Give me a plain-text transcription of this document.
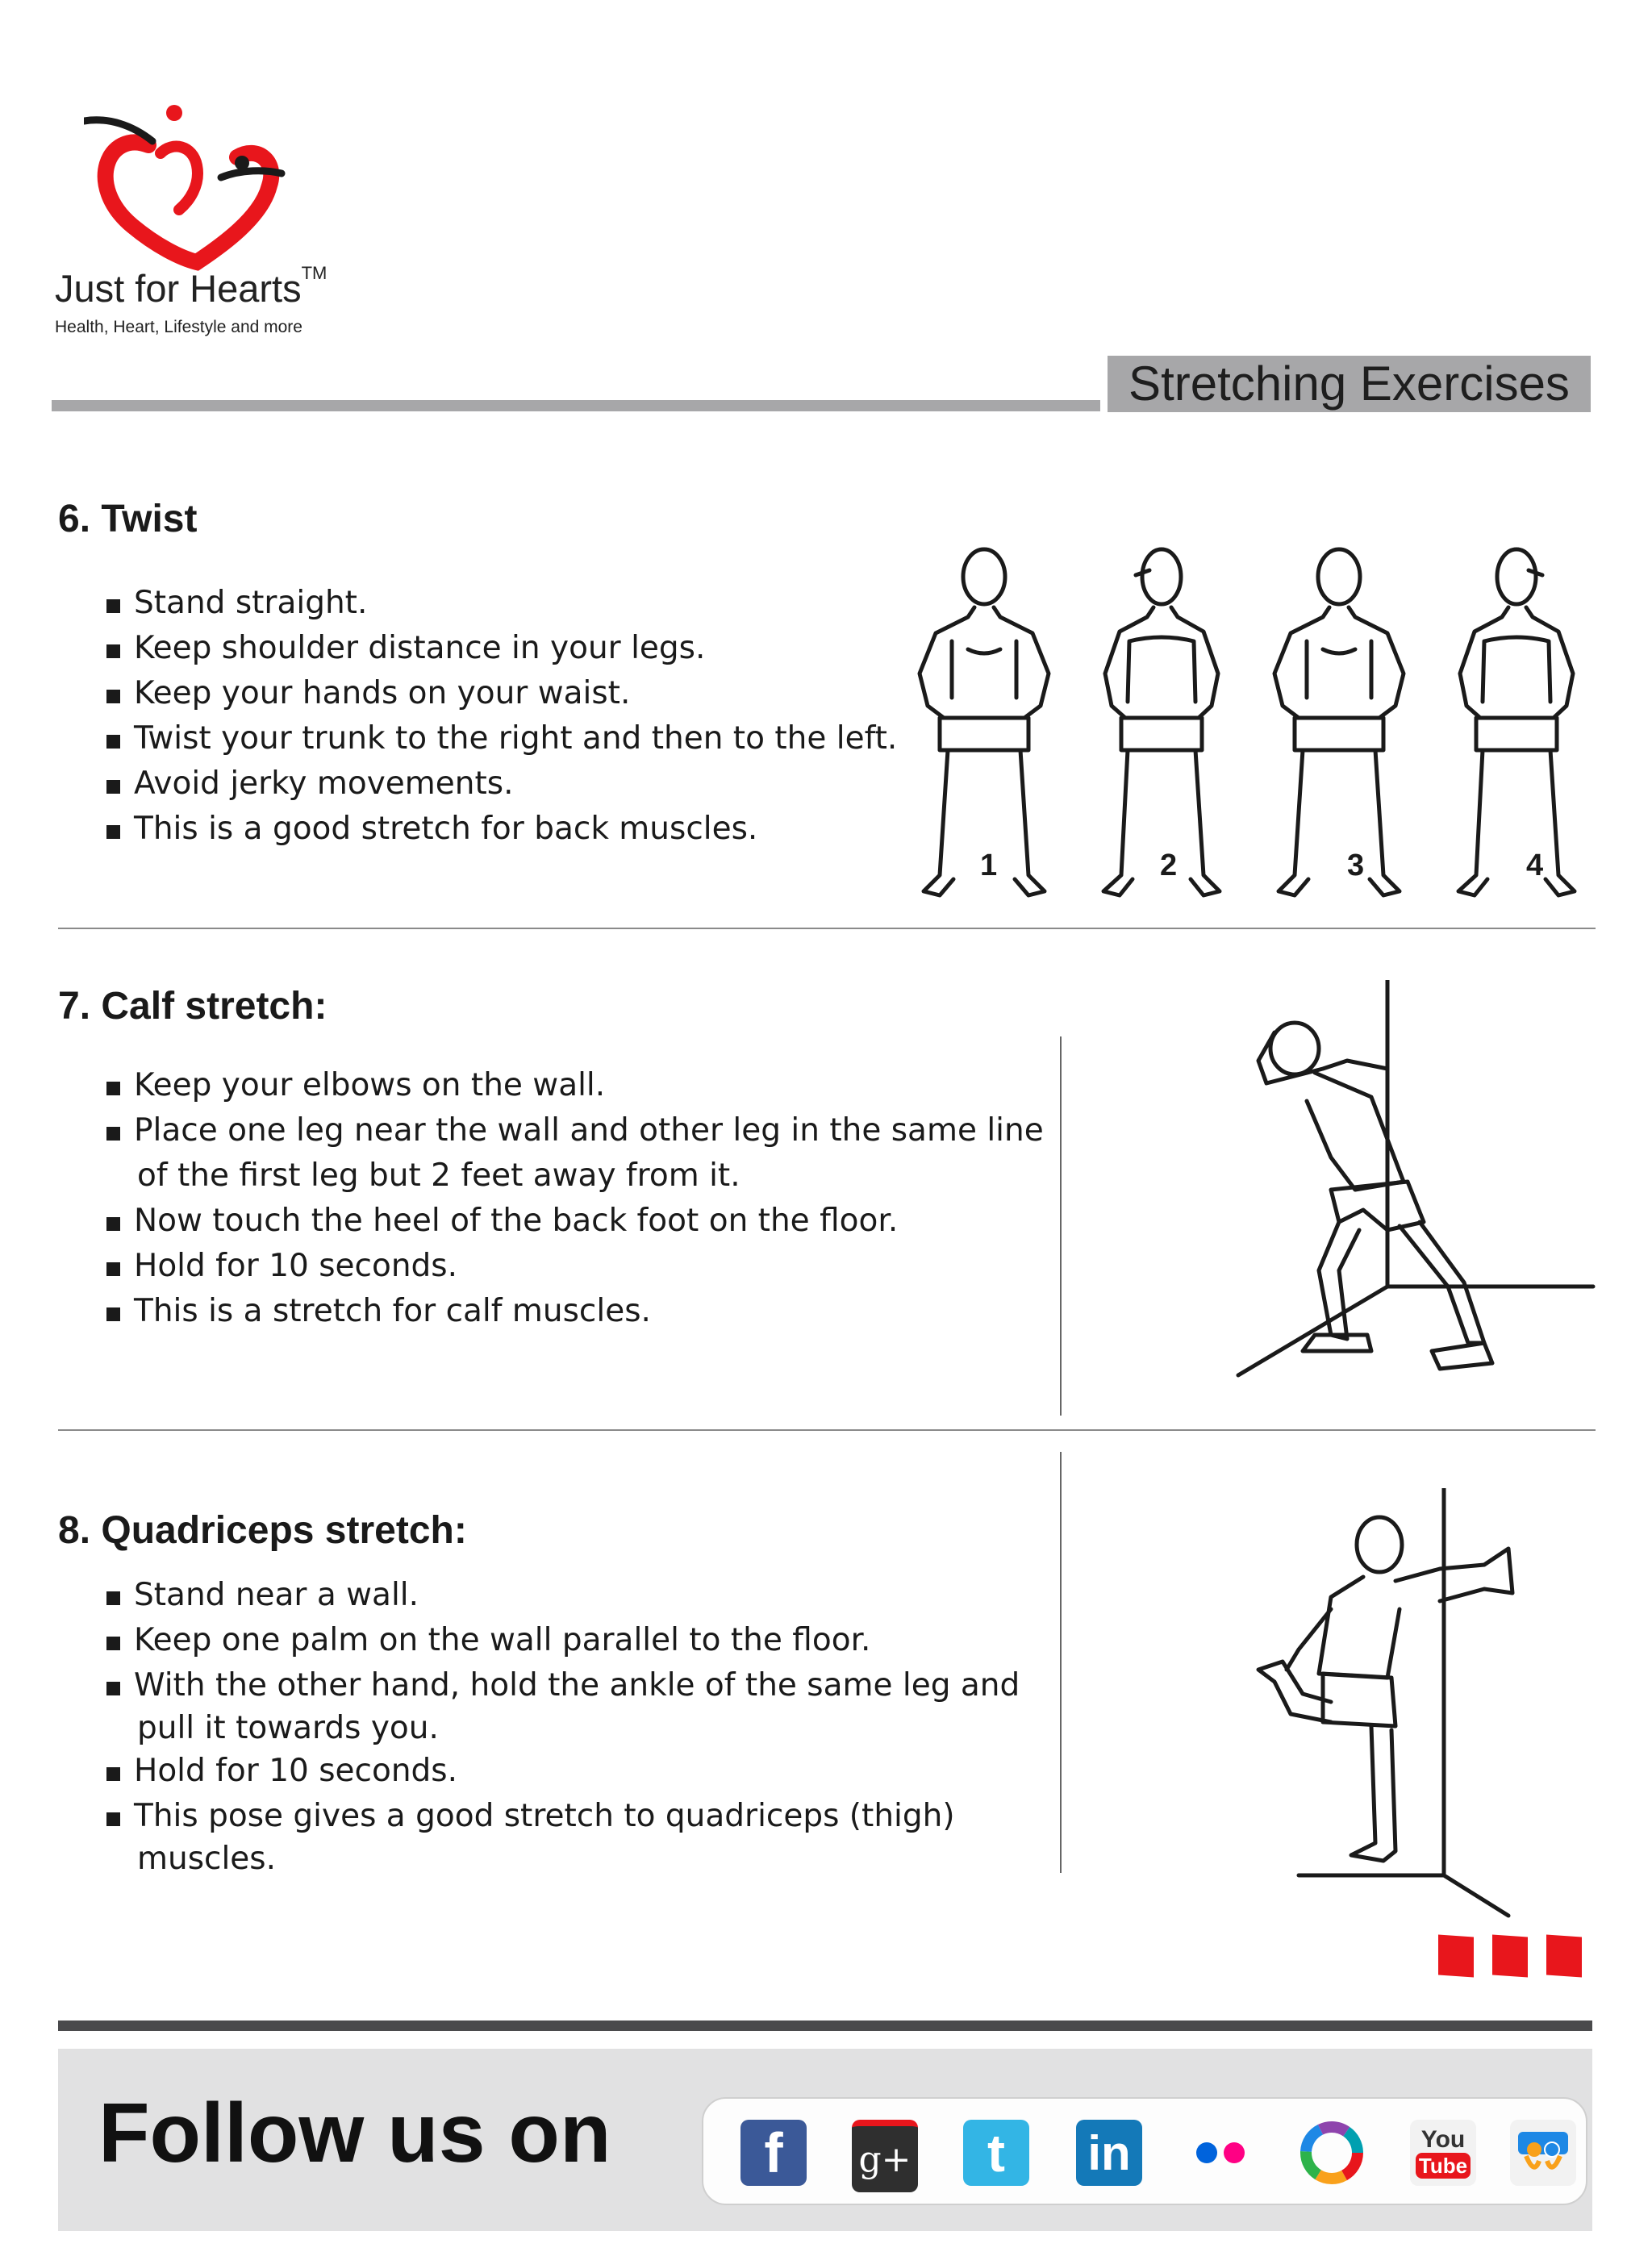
Just for Hearts™
Health, Heart, Lifestyle and more
Stretching Exercises
6. Twist
Stand straight.
Keep shoulder distance in your legs.
Keep your hands on your waist.
Twist your trunk to the right and then to the left.
Avoid jerky movements.
This is a good stretch for back muscles.
1	2	3	4
7. Calf stretch:
Keep your elbows on the wall.
Place one leg near the wall and other leg in the same line
of the first leg but 2 feet away from it.
Now touch the heel of the back foot on the floor.
Hold for 10 seconds.
This is a stretch for calf muscles.
8. Quadriceps stretch:
Stand near a wall.
Keep one palm on the wall parallel to the floor.
With the other hand, hold the ankle of the same leg and
pull it towards you.
Hold for 10 seconds.
This pose gives a good stretch to quadriceps (thigh)
muscles.
Follow us on	f g+ t in	You
Tube
